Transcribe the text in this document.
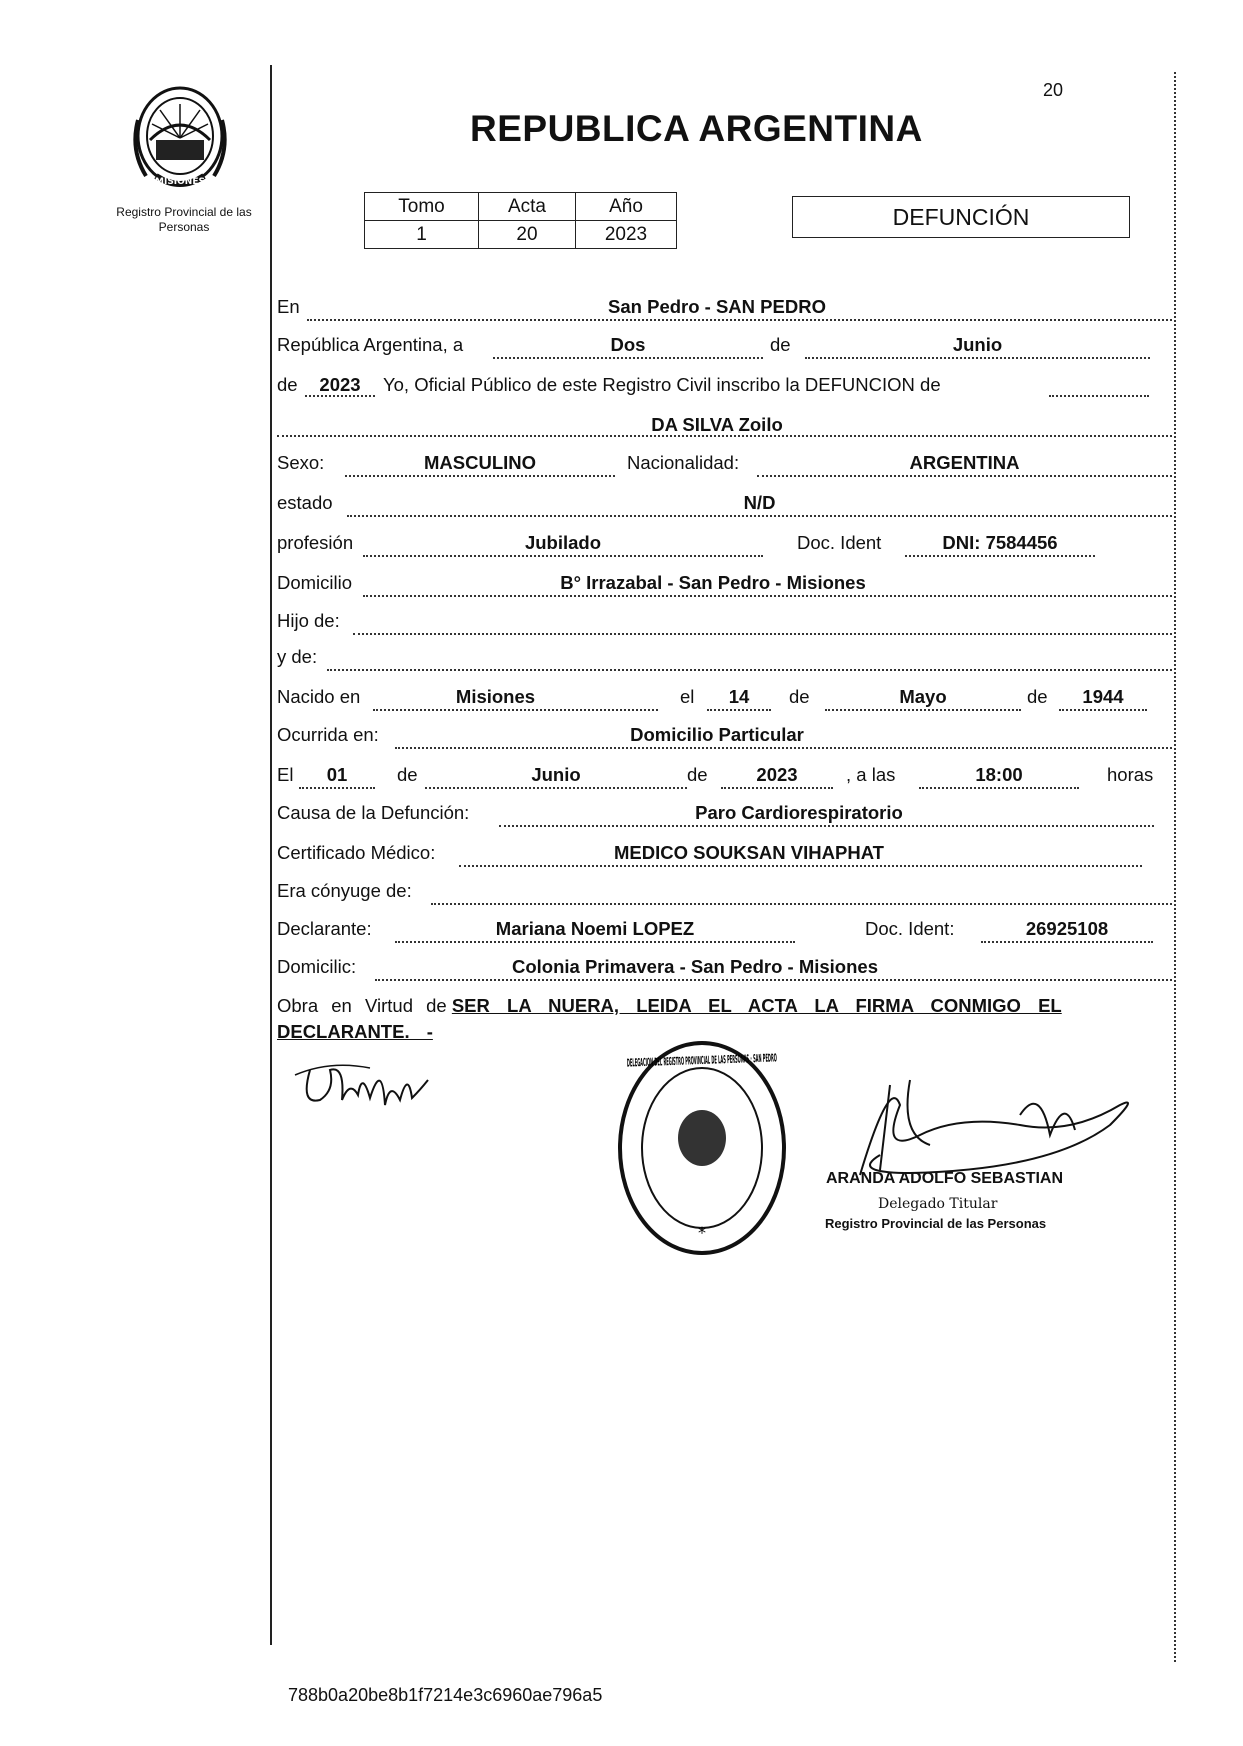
20
MISIONES
Registro Provincial de las Personas
REPUBLICA ARGENTINA
Tomo	Acta	Año
1	20	2023
DEFUNCIÓN
En	San Pedro - SAN PEDRO
República Argentina, a	Dos	de	Junio
de	2023	Yo, Oficial Público de este Registro Civil inscribo la DEFUNCION de
DA SILVA Zoilo
Sexo:	MASCULINO	Nacionalidad:	ARGENTINA
estado	N/D
profesión	Jubilado	Doc. Ident	DNI: 7584456
Domicilio	B° Irrazabal - San Pedro - Misiones
Hijo de:
y de:
Nacido en	Misiones	el	14	de	Mayo	de	1944
Ocurrida en:	Domicilio Particular
El	01	de	Junio	de	2023	, a las	18:00	horas
Causa de la Defunción:	Paro Cardiorespiratorio
Certificado Médico:	MEDICO SOUKSAN VIHAPHAT
Era cónyuge de:
Declarante:	Mariana Noemi LOPEZ	Doc. Ident:	26925108
Domicilic:	Colonia Primavera - San Pedro - Misiones
Obra en Virtud de SER LA NUERA, LEIDA EL ACTA LA FIRMA CONMIGO EL DECLARANTE. -
DELEGACION DEL REGISTRO PROVINCIAL DE LAS PERSONAS · SAN PEDRO
*
ARANDA ADOLFO SEBASTIAN
Delegado Titular
Registro Provincial de las Personas
788b0a20be8b1f7214e3c6960ae796a5
